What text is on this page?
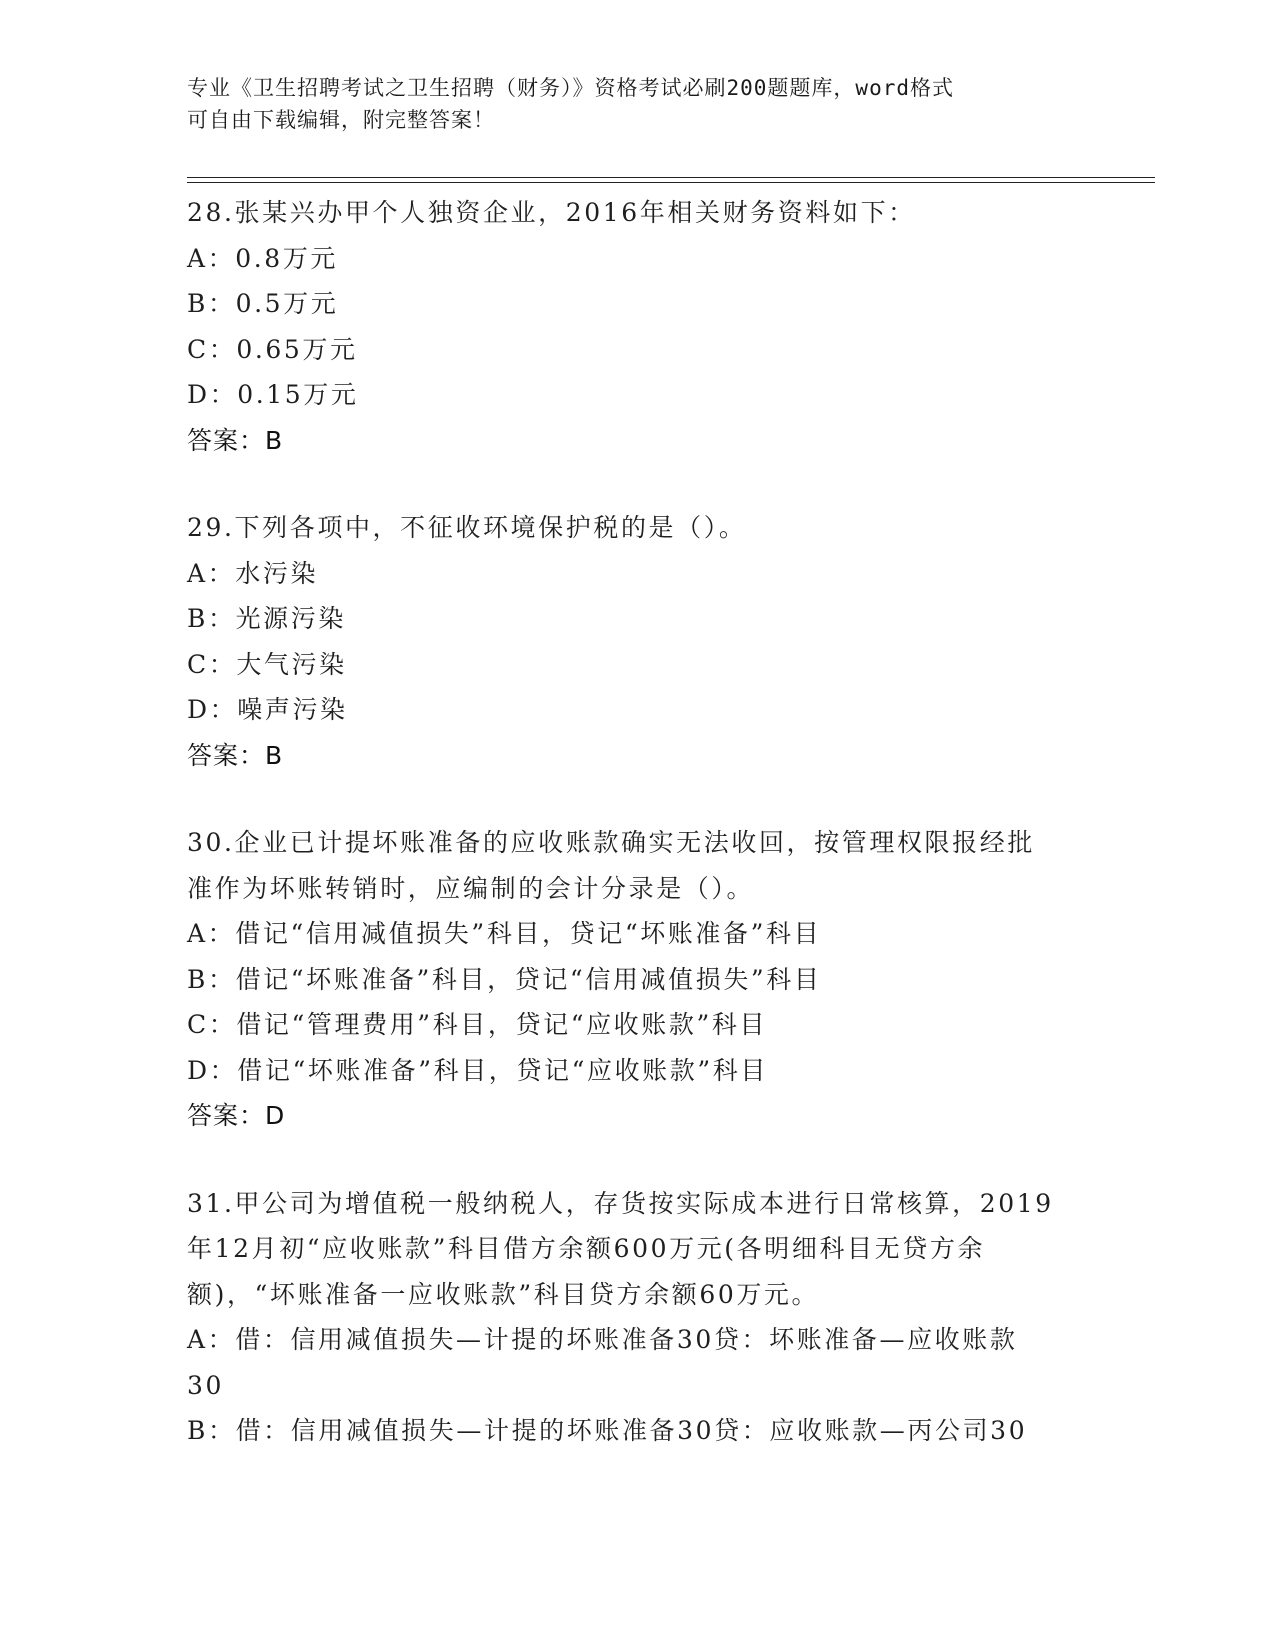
专业《卫生招聘考试之卫生招聘（财务）》资格考试必刷200题题库，word格式
可自由下载编辑，附完整答案！
28.张某兴办甲个人独资企业，2016年相关财务资料如下：
A：0.8万元
B：0.5万元
C：0.65万元
D：0.15万元
答案：B
29.下列各项中，不征收环境保护税的是（）。
A：水污染
B：光源污染
C：大气污染
D：噪声污染
答案：B
30.企业已计提坏账准备的应收账款确实无法收回，按管理权限报经批
准作为坏账转销时，应编制的会计分录是（）。
A：借记“信用减值损失”科目，贷记“坏账准备”科目
B：借记“坏账准备”科目，贷记“信用减值损失”科目
C：借记“管理费用”科目，贷记“应收账款”科目
D：借记“坏账准备”科目，贷记“应收账款”科目
答案：D
31.甲公司为增值税一般纳税人，存货按实际成本进行日常核算，2019
年12月初“应收账款”科目借方余额600万元(各明细科目无贷方余
额)，“坏账准备一应收账款”科目贷方余额60万元。
A：借：信用减值损失—计提的坏账准备30贷：坏账准备—应收账款
30
B：借：信用减值损失—计提的坏账准备30贷：应收账款—丙公司30
